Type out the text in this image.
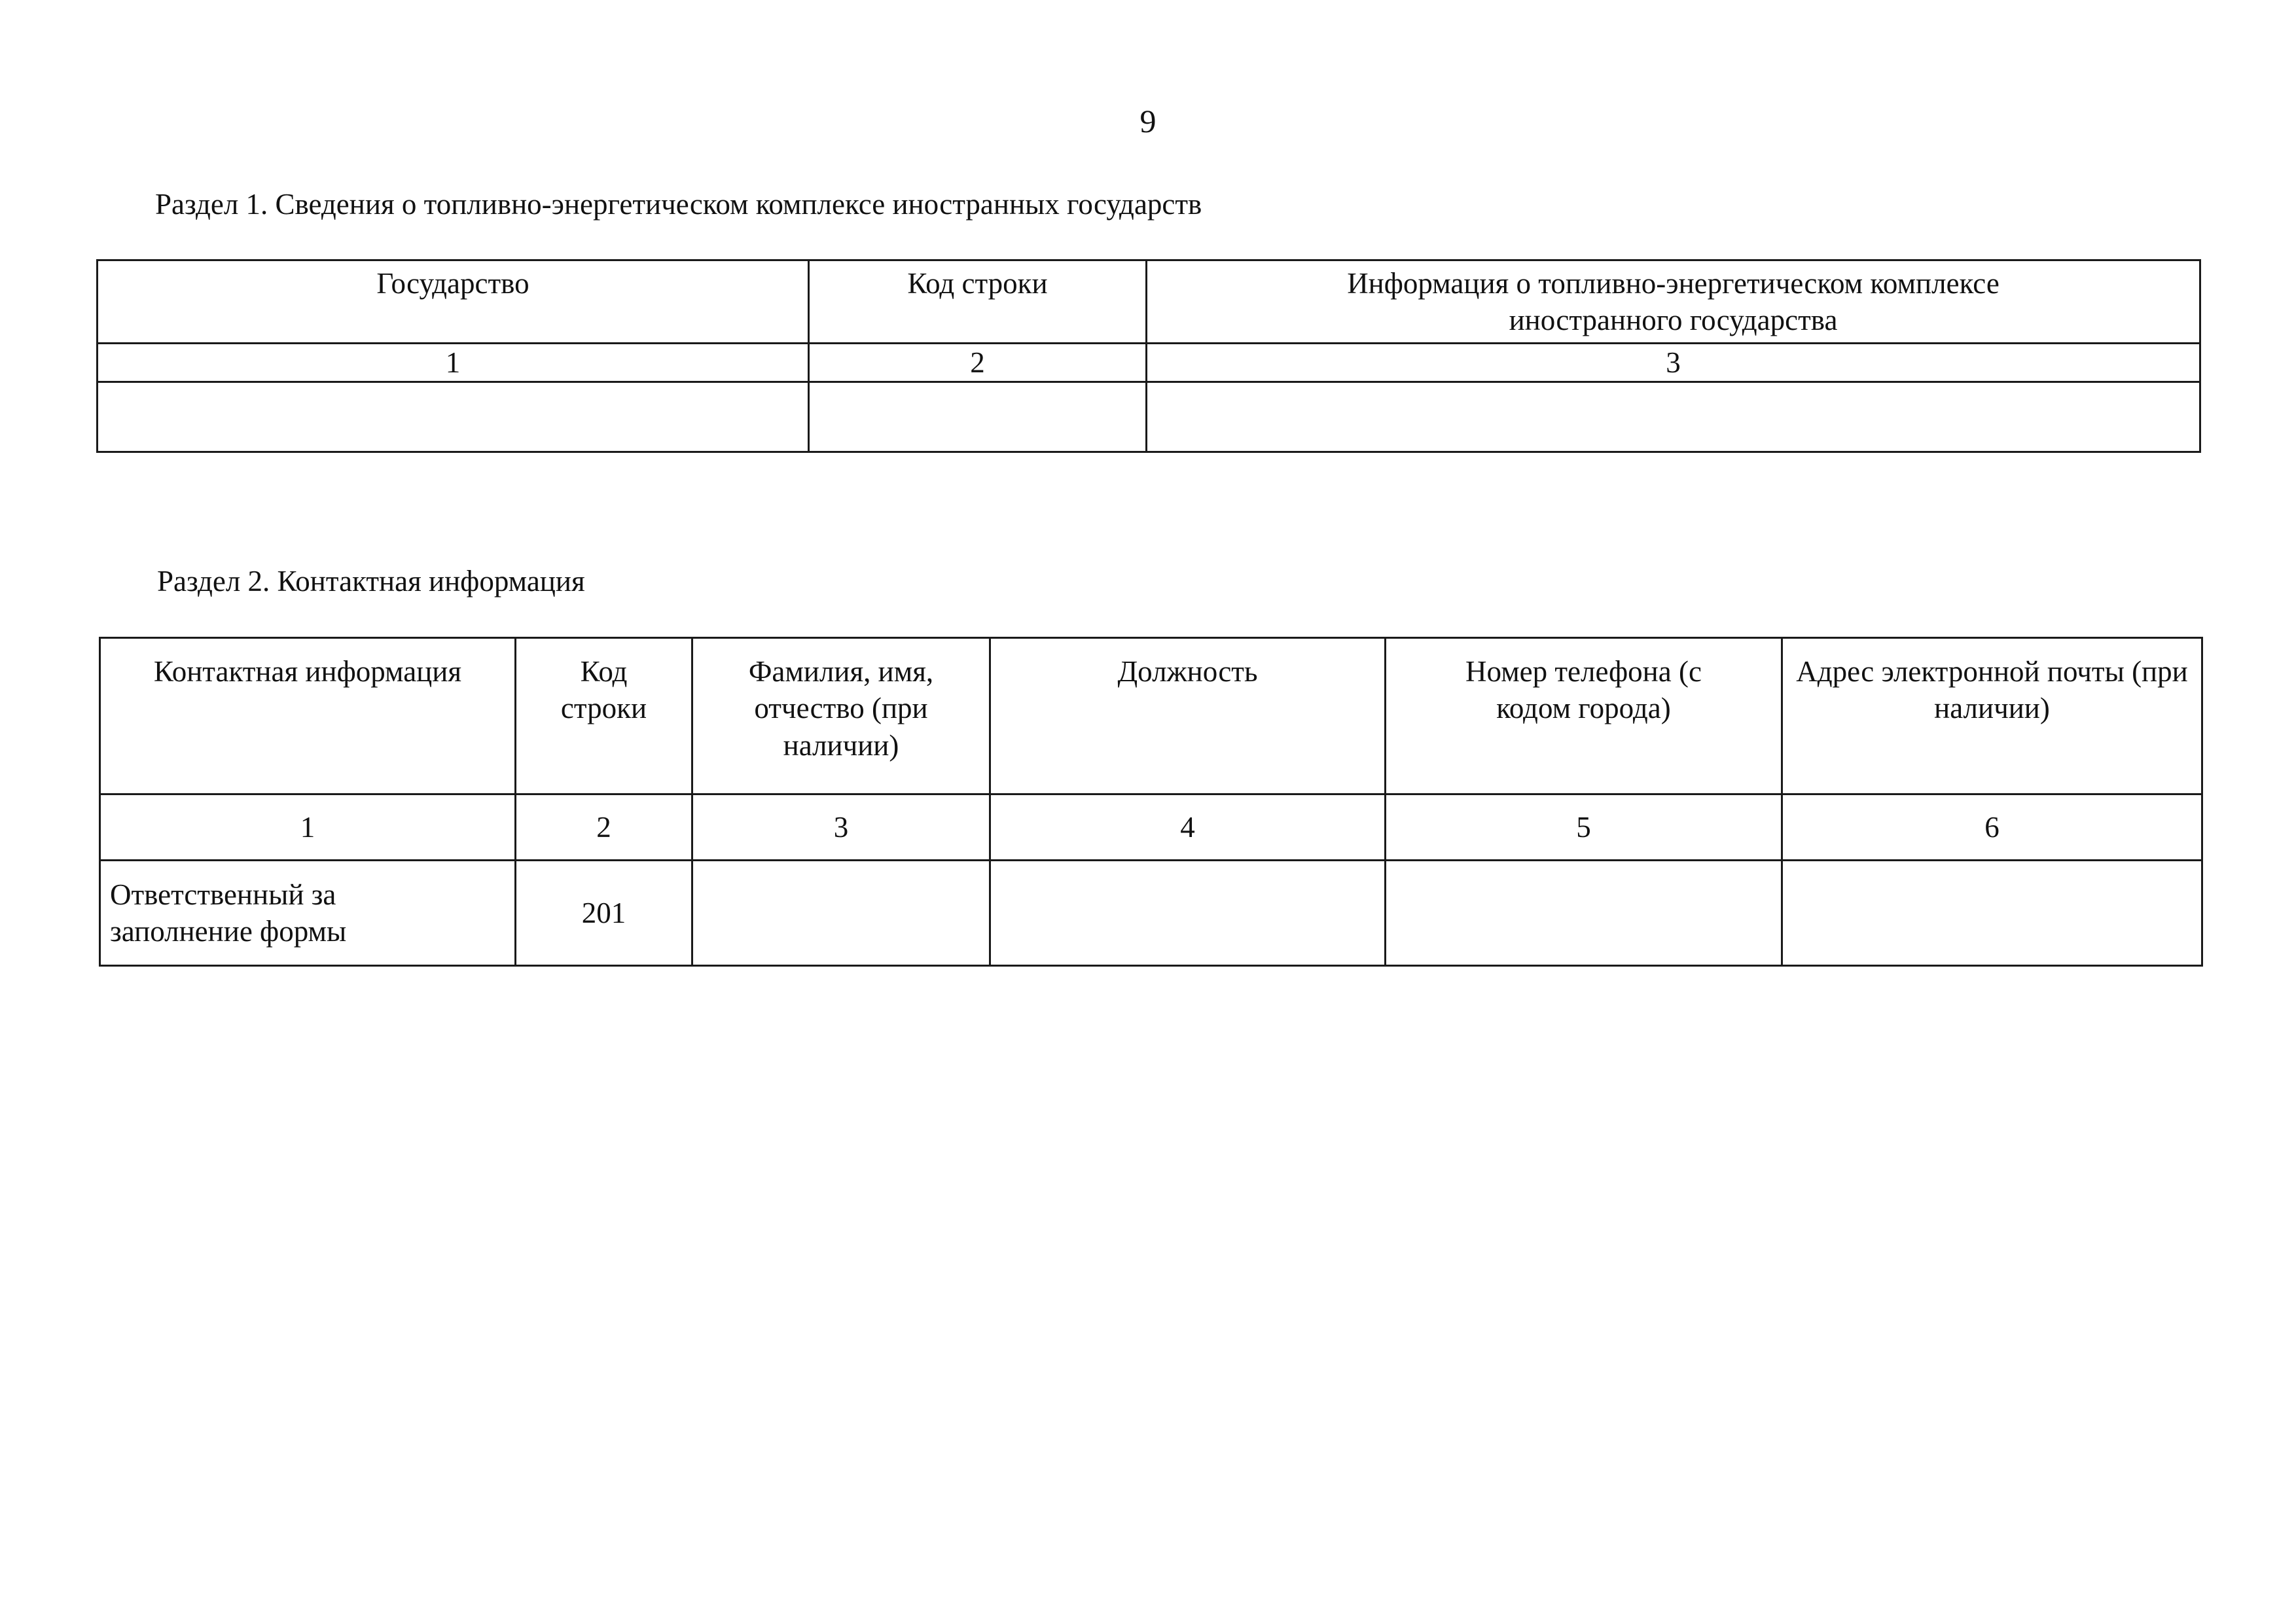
9
Раздел 1. Сведения о топливно-энергетическом комплексе иностранных государств
Государство	Код строки	Информация о топливно-энергетическом комплексе иностранного государства
1	2	3

Раздел 2. Контактная информация
Контактная информация	Код строки	Фамилия, имя, отчество (при наличии)	Должность	Номер телефона (с кодом города)	Адрес электронной почты (при наличии)
1	2	3	4	5	6
Ответственный за заполнение формы	201				
